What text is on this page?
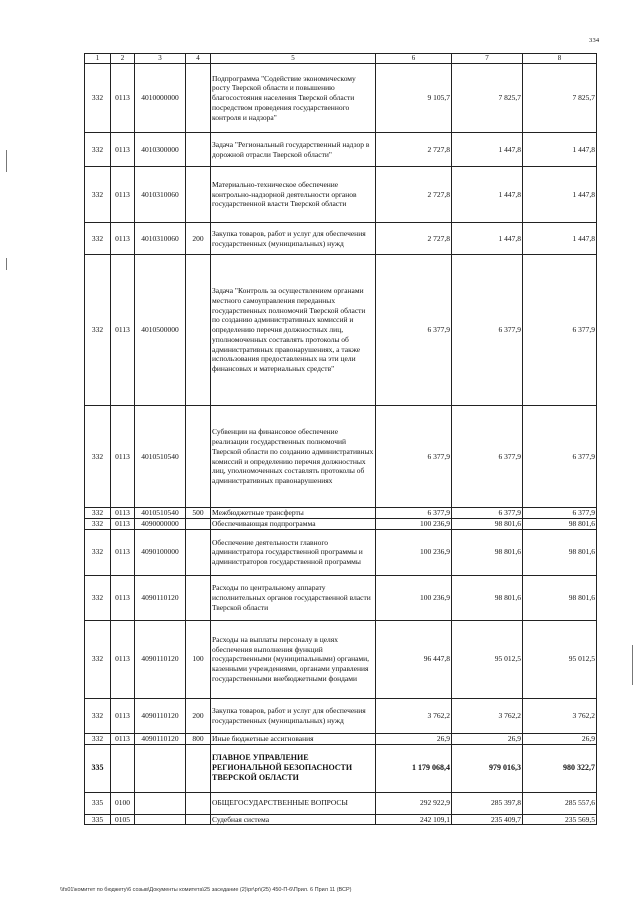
334
1	2	3	4	5	6	7	8
332	0113	4010000000		Подпрограмма "Содействие экономическому росту Тверской области и повышению благосостояния населения Тверской области посредством проведения государственного контроля и надзора"	9 105,7	7 825,7	7 825,7
332	0113	4010300000		Задача "Региональный государственный надзор в дорожной отрасли Тверской области"	2 727,8	1 447,8	1 447,8
332	0113	4010310060		Материально-техническое обеспечение контрольно-надзорной деятельности органов государственной власти Тверской области	2 727,8	1 447,8	1 447,8
332	0113	4010310060	200	Закупка товаров, работ и услуг для обеспечения государственных (муниципальных) нужд	2 727,8	1 447,8	1 447,8
332	0113	4010500000		Задача "Контроль за осуществлением органами местного самоуправления переданных государственных полномочий Тверской области по созданию административных комиссий и определению перечня должностных лиц, уполномоченных составлять протоколы об административных правонарушениях, а также использования предоставленных на эти цели финансовых и материальных средств"	6 377,9	6 377,9	6 377,9
332	0113	4010510540		Субвенции на финансовое обеспечение реализации государственных полномочий Тверской области по созданию административных комиссий и определению перечня должностных лиц, уполномоченных составлять протоколы об административных правонарушениях	6 377,9	6 377,9	6 377,9
332	0113	4010510540	500	Межбюджетные трансферты	6 377,9	6 377,9	6 377,9
332	0113	4090000000		Обеспечивающая подпрограмма	100 236,9	98 801,6	98 801,6
332	0113	4090100000		Обеспечение деятельности главного администратора государственной программы и администраторов государственной программы	100 236,9	98 801,6	98 801,6
332	0113	4090110120		Расходы по центральному аппарату исполнительных органов государственной власти Тверской области	100 236,9	98 801,6	98 801,6
332	0113	4090110120	100	Расходы на выплаты персоналу в целях обеспечения выполнения функций государственными (муниципальными) органами, казенными учреждениями, органами управления государственными внебюджетными фондами	96 447,8	95 012,5	95 012,5
332	0113	4090110120	200	Закупка товаров, работ и услуг для обеспечения государственных (муниципальных) нужд	3 762,2	3 762,2	3 762,2
332	0113	4090110120	800	Иные бюджетные ассигнования	26,9	26,9	26,9
335				ГЛАВНОЕ УПРАВЛЕНИЕ РЕГИОНАЛЬНОЙ БЕЗОПАСНОСТИ ТВЕРСКОЙ ОБЛАСТИ	1 179 068,4	979 016,3	980 322,7
335	0100			ОБЩЕГОСУДАРСТВЕННЫЕ ВОПРОСЫ	292 922,9	285 397,8	285 557,6
335	0105			Судебная система	242 109,1	235 409,7	235 569,5
\\fs01\комитет по бюджету\6 созыв\Документы комитета\25 заседание (2)\pr\pr\(25) 450-П-6\Прил. 6 Прил 11 (ВСР)
